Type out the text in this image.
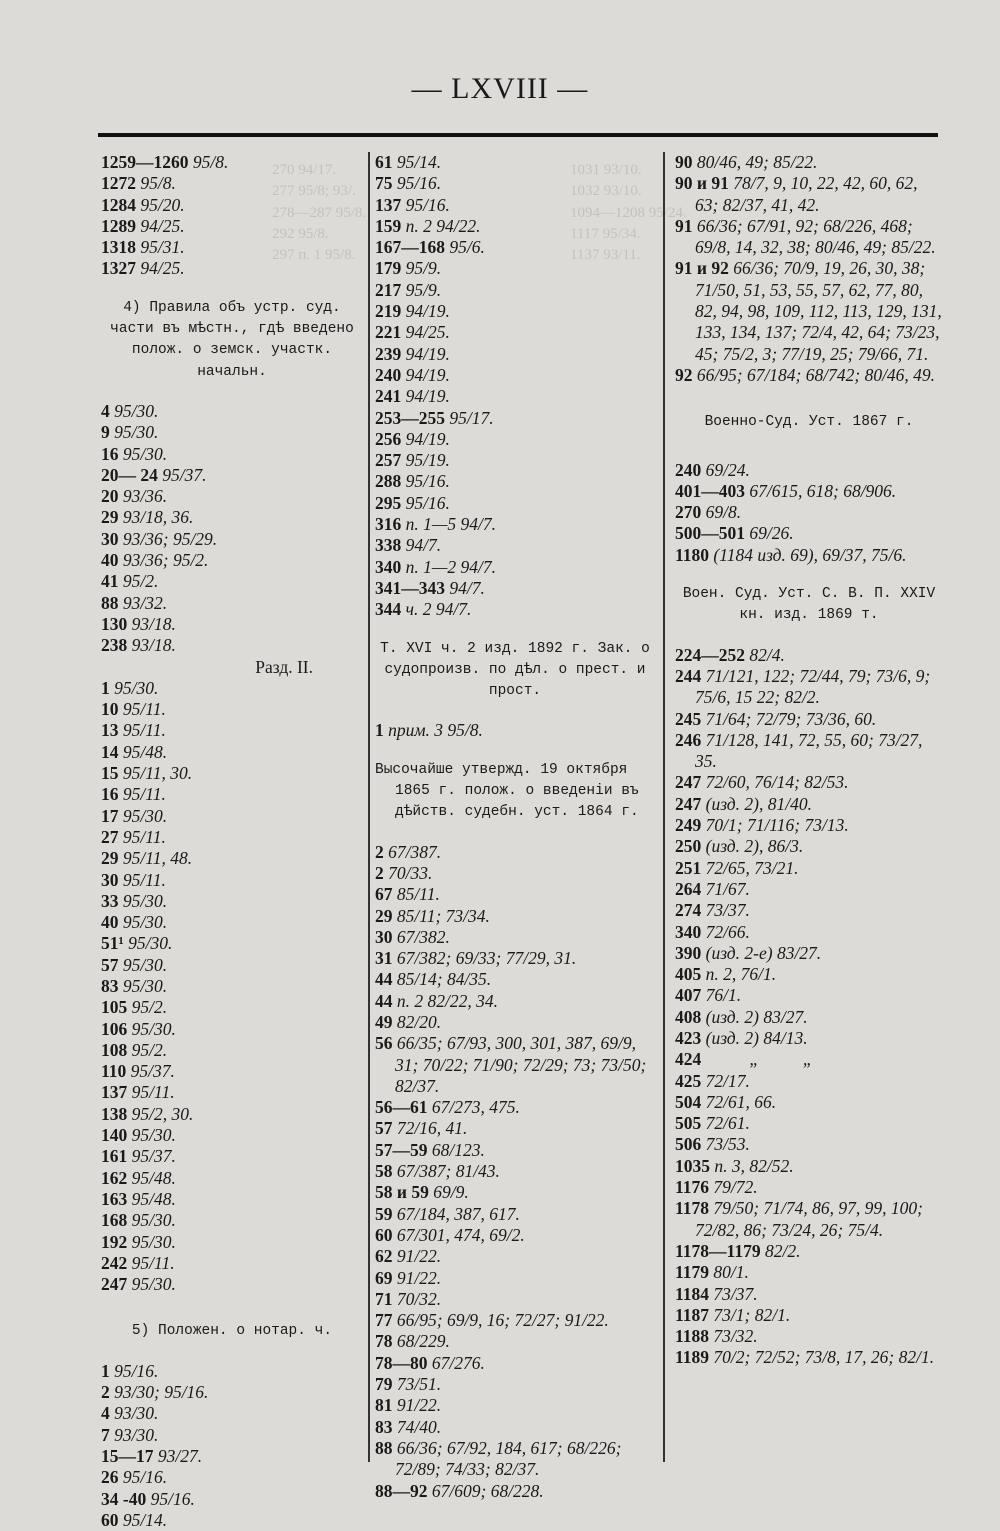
— LXVIII —
270 94/17.
277 95/8; 93/.
278—287 95/8.
292 95/8.
297 п. 1 95/8.
1031 93/10.
1032 93/10.
1094—1208 95/24.
1117 95/34.
1137 93/11.

1259—1260 95/8.

1272 95/8.

1284 95/20.

1289 94/25.

1318 95/31.

1327 94/25.

4) Правила объ устр. суд. части въ мѣстн., гдѣ введено полож. о земск. участк. начальн.

4 95/30.

9 95/30.

16 95/30.

20— 24 95/37.

20 93/36.

29 93/18, 36.

30 93/36; 95/29.

40 93/36; 95/2.

41 95/2.

88 93/32.

130 93/18.

238 93/18.

Разд. II.

1 95/30.

10 95/11.

13 95/11.

14 95/48.

15 95/11, 30.

16 95/11.

17 95/30.

27 95/11.

29 95/11, 48.

30 95/11.

33 95/30.

40 95/30.

51¹ 95/30.

57 95/30.

83 95/30.

105 95/2.

106 95/30.

108 95/2.

110 95/37.

137 95/11.

138 95/2, 30.

140 95/30.

161 95/37.

162 95/48.

163 95/48.

168 95/30.

192 95/30.

242 95/11.

247 95/30.

5) Положен. о нотар. ч.

1 95/16.

2 93/30; 95/16.

4 93/30.

7 93/30.

15—17 93/27.

26 95/16.

34 -40 95/16.

60 95/14.

61 95/14.

75 95/16.

137 95/16.

159 п. 2 94/22.

167—168 95/6.

179 95/9.

217 95/9.

219 94/19.

221 94/25.

239 94/19.

240 94/19.

241 94/19.

253—255 95/17.

256 94/19.

257 95/19.

288 95/16.

295 95/16.

316 п. 1—5 94/7.

338 94/7.

340 п. 1—2 94/7.

341—343 94/7.

344 ч. 2 94/7.

Т. XVI ч. 2 изд. 1892 г. Зак. о судопроизв. по дѣл. о прест. и прост.

1 прим. 3 95/8.

Высочайше утвержд. 19 октября 1865 г. полож. о введенiи въ дѣйств. судебн. уст. 1864 г.

2 67/387.

2 70/33.

67 85/11.

29 85/11; 73/34.

30 67/382.

31 67/382; 69/33; 77/29, 31.

44 85/14; 84/35.

44 п. 2 82/22, 34.

49 82/20.

56 66/35; 67/93, 300, 301, 387, 69/9, 31; 70/22; 71/90; 72/29; 73; 73/50; 82/37.

56—61 67/273, 475.

57 72/16, 41.

57—59 68/123.

58 67/387; 81/43.

58 и 59 69/9.

59 67/184, 387, 617.

60 67/301, 474, 69/2.

62 91/22.

69 91/22.

71 70/32.

77 66/95; 69/9, 16; 72/27; 91/22.

78 68/229.

78—80 67/276.

79 73/51.

81 91/22.

83 74/40.

88 66/36; 67/92, 184, 617; 68/226; 72/89; 74/33; 82/37.

88—92 67/609; 68/228.

90 80/46, 49; 85/22.

90 и 91 78/7, 9, 10, 22, 42, 60, 62, 63; 82/37, 41, 42.

91 66/36; 67/91, 92; 68/226, 468; 69/8, 14, 32, 38; 80/46, 49; 85/22.

91 и 92 66/36; 70/9, 19, 26, 30, 38; 71/50, 51, 53, 55, 57, 62, 77, 80, 82, 94, 98, 109, 112, 113, 129, 131, 133, 134, 137; 72/4, 42, 64; 73/23, 45; 75/2, 3; 77/19, 25; 79/66, 71.

92 66/95; 67/184; 68/742; 80/46, 49.

Военно-Суд. Уст. 1867 г.

240 69/24.

401—403 67/615, 618; 68/906.

270 69/8.

500—501 69/26.

1180 (1184 изд. 69), 69/37, 75/6.

Воен. Суд. Уст. С. В. П. XXIV кн. изд. 1869 т.

224—252 82/4.

244 71/121, 122; 72/44, 79; 73/6, 9; 75/6, 15 22; 82/2.

245 71/64; 72/79; 73/36, 60.

246 71/128, 141, 72, 55, 60; 73/27, 35.

247 72/60, 76/14; 82/53.

247 (изд. 2), 81/40.

249 70/1; 71/116; 73/13.

250 (изд. 2), 86/3.

251 72/65, 73/21.

264 71/67.

274 73/37.

340 72/66.

390 (изд. 2-е) 83/27.

405 п. 2, 76/1.

407 76/1.

408 (изд. 2) 83/27.

423 (изд. 2) 84/13.

424           „          „

425 72/17.

504 72/61, 66.

505 72/61.

506 73/53.

1035 п. 3, 82/52.

1176 79/72.

1178 79/50; 71/74, 86, 97, 99, 100; 72/82, 86; 73/24, 26; 75/4.

1178—1179 82/2.

1179 80/1.

1184 73/37.

1187 73/1; 82/1.

1188 73/32.

1189 70/2; 72/52; 73/8, 17, 26; 82/1.
